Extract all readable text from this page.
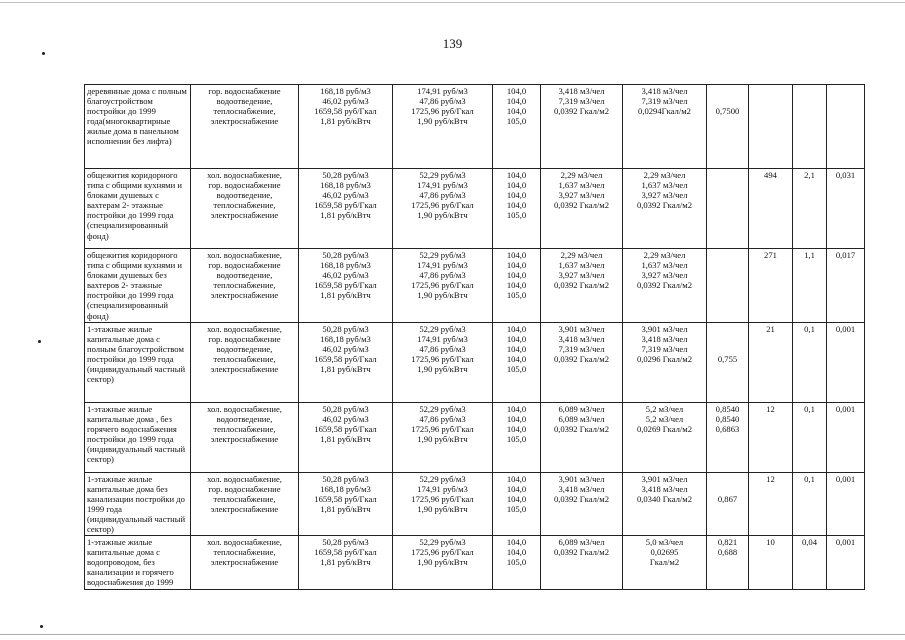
139
деревянные дома с полным благоустройством постройки до 1999 года(многоквартирные жилые дома в панельном исполнении без лифта)	гор. водоснабжение
водоотведение,
теплоснабжение,
электроснабжение	168,18 руб/м3
46,02 руб/м3
1659,58 руб/Гкал
1,81 руб/кВтч	174,91 руб/м3
47,86 руб/м3
1725,96 руб/Гкал
1,90 руб/кВтч	104,0
104,0
104,0
105,0	3,418 м3/чел
7,319 м3/чел
0,0392 Гкал/м2	3,418 м3/чел
7,319 м3/чел
0,0294Гкал/м2	0,7500			

общежития коридорного типа с общими кухнями и блоками душевых с вахтерам 2- этажные постройки до 1999 года (специализированный фонд)	хол. водоснабжение,
гор. водоснабжение
водоотведение,
теплоснабжение,
электроснабжение	50,28 руб/м3
168,18 руб/м3
46,02 руб/м3
1659,58 руб/Гкал
1,81 руб/кВтч	52,29 руб/м3
174,91 руб/м3
47,86 руб/м3
1725,96 руб/Гкал
1,90 руб/кВтч	104,0
104,0
104,0
104,0
105,0	2,29 м3/чел
1,637 м3/чел
3,927 м3/чел
0,0392 Гкал/м2	2,29 м3/чел
1,637 м3/чел
3,927 м3/чел
0,0392 Гкал/м2		494	2,1	0,031

общежития коридорного типа с общими кухнями и блоками душевых без вахтеров 2- этажные постройки до 1999 года (специализированный фонд)	хол. водоснабжение,
гор. водоснабжение
водоотведение,
теплоснабжение,
электроснабжение	50,28 руб/м3
168,18 руб/м3
46,02 руб/м3
1659,58 руб/Гкал
1,81 руб/кВтч	52,29 руб/м3
174,91 руб/м3
47,86 руб/м3
1725,96 руб/Гкал
1,90 руб/кВтч	104,0
104,0
104,0
104,0
105,0	2,29 м3/чел
1,637 м3/чел
3,927 м3/чел
0,0392 Гкал/м2	2,29 м3/чел
1,637 м3/чел
3,927 м3/чел
0,0392 Гкал/м2		271	1,1	0,017

1-этажные жилые капитальные дома с полным благоустройством постройки до 1999 года (индивидуальный частный сектор)	хол. водоснабжение,
гор. водоснабжение
водоотведение,
теплоснабжение,
электроснабжение	50,28 руб/м3
168,18 руб/м3
46,02 руб/м3
1659,58 руб/Гкал
1,81 руб/кВтч	52,29 руб/м3
174,91 руб/м3
47,86 руб/м3
1725,96 руб/Гкал
1,90 руб/кВтч	104,0
104,0
104,0
104,0
105,0	3,901 м3/чел
3,418 м3/чел
7,319 м3/чел
0,0392 Гкал/м2	3,901 м3/чел
3,418 м3/чел
7,319 м3/чел
0,0296 Гкал/м2	0,755	21	0,1	0,001

1-этажные жилые капитальные дома , без горячего водоснабжения постройки до 1999 года (индивидуальный частный сектор)	хол. водоснабжение,
водоотведение,
теплоснабжение,
электроснабжение	50,28 руб/м3
46,02 руб/м3
1659,58 руб/Гкал
1,81 руб/кВтч	52,29 руб/м3
47,86 руб/м3
1725,96 руб/Гкал
1,90 руб/кВтч	104,0
104,0
104,0
105,0	6,089 м3/чел
6,089 м3/чел
0,0392 Гкал/м2	5,2 м3/чел
5,2 м3/чел
0,0269 Гкал/м2	0,8540
0,8540
0,6863	12	0,1	0,001

1-этажные жилые капитальные дома без канализации постройки до 1999 года (индивидуальный частный сектор)	хол. водоснабжение,
гор. водоснабжение
теплоснабжение,
электроснабжение	50,28 руб/м3
168,18 руб/м3
1659,58 руб/Гкал
1,81 руб/кВтч	52,29 руб/м3
174,91 руб/м3
1725,96 руб/Гкал
1,90 руб/кВтч	104,0
104,0
104,0
105,0	3,901 м3/чел
3,418 м3/чел
0,0392 Гкал/м2	3,901 м3/чел
3,418 м3/чел
0,0340 Гкал/м2	0,867	12	0,1	0,001

1-этажные жилые капитальные дома с водопроводом, без канализации и горячего водоснабжения до 1999	хол. водоснабжение,
теплоснабжение,
электроснабжение	50,28 руб/м3
1659,58 руб/Гкал
1,81 руб/кВтч	52,29 руб/м3
1725,96 руб/Гкал
1,90 руб/кВтч	104,0
104,0
105,0	6,089 м3/чел
0,0392 Гкал/м2	5,0 м3/чел
0,02695
Гкал/м2	0,821
0,688	10	0,04	0,001
